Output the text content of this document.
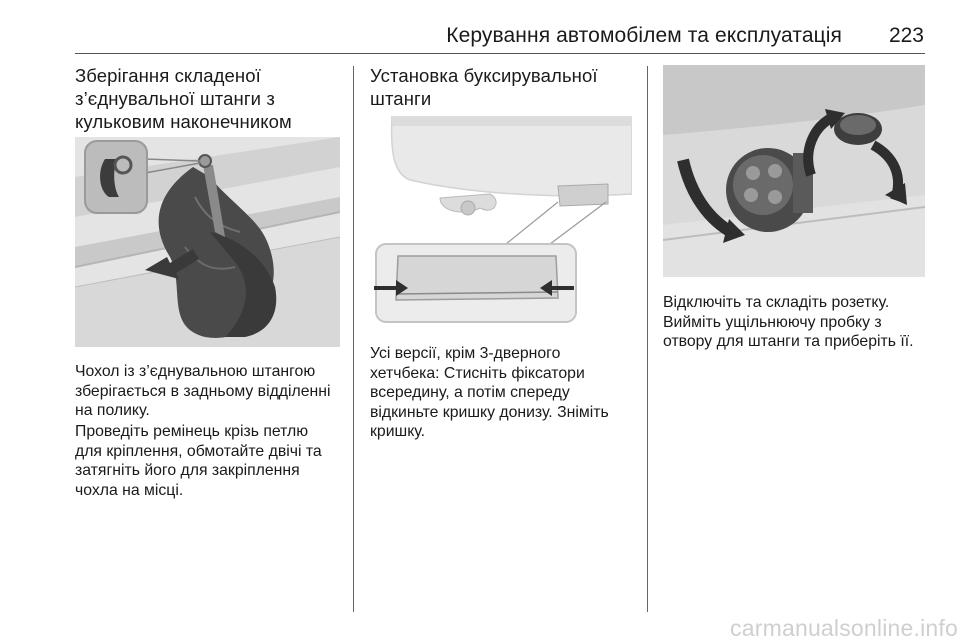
Керування автомобілем та експлуатація 223
Зберігання складеної
з’єднувальної штанги з
кульковим наконечником

Чохол із з’єднувальною штангою
зберігається в задньому відділенні
на полику.

Проведіть ремінець крізь петлю
для кріплення, обмотайте двічі та
затягніть його для закріплення
чохла на місці.

Установка буксирувальної
штанги

Усі версії, крім 3-дверного
хетчбека: Стисніть фіксатори
всередину, а потім спереду
відкиньте кришку донизу. Зніміть
кришку.

Відключіть та складіть розетку.
Вийміть ущільнюючу пробку з
отвору для штанги та приберіть її.

carmanualsonline.info
